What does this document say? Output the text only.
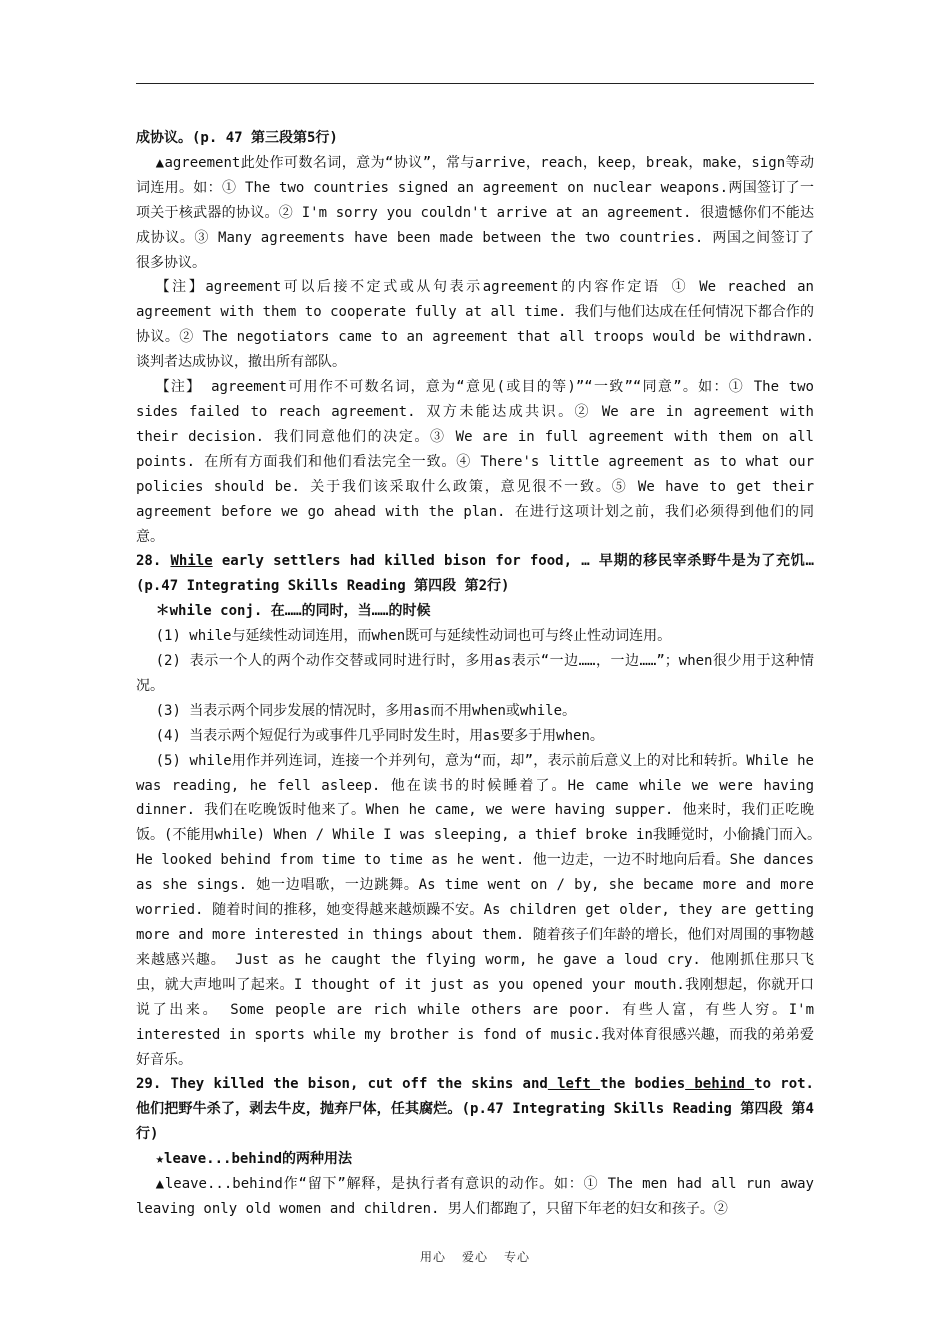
成协议。(p. 47 第三段第5行)

▲agreement此处作可数名词，意为“协议”，常与arrive，reach，keep，break，make，sign等动词连用。如：① The two countries signed an agreement on nuclear weapons.两国签订了一项关于核武器的协议。② I'm sorry you couldn't arrive at an agreement. 很遗憾你们不能达成协议。③ Many agreements have been made between the two countries. 两国之间签订了很多协议。

【注】agreement可以后接不定式或从句表示agreement的内容作定语 ① We reached an agreement with them to cooperate fully at all time. 我们与他们达成在任何情况下都合作的协议。② The negotiators came to an agreement that all troops would be withdrawn. 谈判者达成协议，撤出所有部队。

【注】 agreement可用作不可数名词，意为“意见(或目的等)”“一致”“同意”。如：① The two sides failed to reach agreement. 双方未能达成共识。② We are in agreement with their decision. 我们同意他们的决定。③ We are in full agreement with them on all points. 在所有方面我们和他们看法完全一致。④ There's little agreement as to what our policies should be. 关于我们该采取什么政策，意见很不一致。⑤ We have to get their agreement before we go ahead with the plan. 在进行这项计划之前，我们必须得到他们的同意。

28. While early settlers had killed bison for food, … 早期的移民宰杀野牛是为了充饥… (p.47 Integrating Skills Reading 第四段 第2行)

＊while conj. 在……的同时，当……的时候

(1) while与延续性动词连用，而when既可与延续性动词也可与终止性动词连用。

(2) 表示一个人的两个动作交替或同时进行时，多用as表示“一边……，一边……”；when很少用于这种情况。

(3) 当表示两个同步发展的情况时，多用as而不用when或while。

(4) 当表示两个短促行为或事件几乎同时发生时，用as要多于用when。

(5) while用作并列连词，连接一个并列句，意为“而，却”，表示前后意义上的对比和转折。While he was reading, he fell asleep. 他在读书的时候睡着了。He came while we were having dinner. 我们在吃晚饭时他来了。When he came, we were having supper. 他来时，我们正吃晚饭。(不能用while) When / While I was sleeping, a thief broke in我睡觉时，小偷撬门而入。　　He looked behind from time to time as he went. 他一边走，一边不时地向后看。She dances as she sings. 她一边唱歌，一边跳舞。As time went on / by, she became more and more worried. 随着时间的推移，她变得越来越烦躁不安。As children get older, they are getting more and more interested in things about them. 随着孩子们年龄的增长，他们对周围的事物越来越感兴趣。 Just as he caught the flying worm, he gave a loud cry. 他刚抓住那只飞虫，就大声地叫了起来。I thought of it just as you opened your mouth.我刚想起，你就开口说了出来。 Some people are rich while others are poor. 有些人富，有些人穷。I'm interested in sports while my brother is fond of music.我对体育很感兴趣，而我的弟弟爱好音乐。

29. They killed the bison, cut off the skins and left the bodies behind to rot. 他们把野牛杀了，剥去牛皮，抛弃尸体，任其腐烂。(p.47 Integrating Skills Reading 第四段 第4行)

★leave...behind的两种用法

▲leave...behind作“留下”解释，是执行者有意识的动作。如：① The men had all run away leaving only old women and children. 男人们都跑了，只留下年老的妇女和孩子。②

用心 爱心 专心
